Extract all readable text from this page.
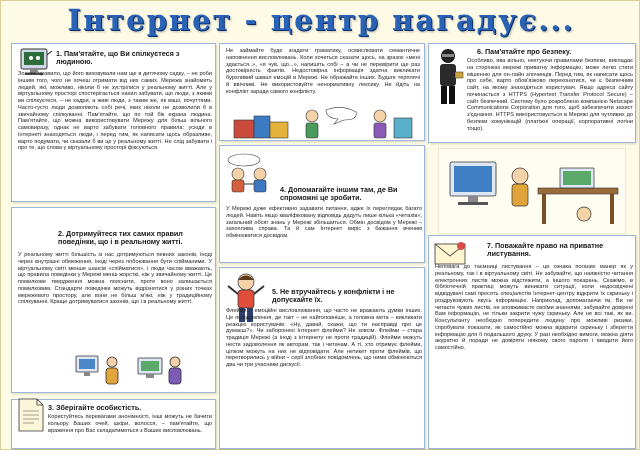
Інтернет - центр нагадує...
1. Пам'ятайте, що Ви спілкуєтеся з людиною.
Золоте правило, що його виховували нам ще в дитячому садку, – не роби іншим того, чого не хочеш отримати від них самих. Мережа знайомить людей, які, можливо, ніколи б не зустрілися у реальному житті. Але у віртуальному просторі спостерігається нахил забувати, що люди, з якими ви спілкуєтеся, – не кадри, а живі люди, з таким же, як ваші, почуттями. Часто-густо люди дозволяють собі речі, яких ніколи не дозволили б в звичайному спілкуванні. Пам'ятайте, що по той бік екрана людина. Пам'ятайте, що можна використовувати Мережу для більш вільного самовиразу, однак не варто забувати головного правила: усюди в Інтернеті знаходяться люди, і перед тим, як написати щось образливе, варто подумати, чи сказали б ви це у реальному житті. Не слід забувати і про те, що слова у віртуальному просторі фіксуються.
2. Дотримуйтеся тих самих правил поведінки, що і в реальному житті.
У реальному житті більшість із нас дотримуються певних законів, іноді через внутрішні обмеження, іноді через побоювання бути спійманими. У віртуальному світі менше шансів «спійматися», і люди часом вважають, що правила поведінки у Мережі менш жорсткі, ніж у звичайному житті. Це помилкове твердження можна пояснити, проте воно залишається помилковим. Стандарти поведінки можуть відрізнятися у різних точках мережевого простору, але вони не більш м'які, ніж у традиційному спілкуванні. Кращe дотримуватися законів, що і в реальному житті.
3. Зберігайте особистість.
Користуйтесь перевагами анонімності, інші можуть не бачити кольору Ваших очей, шкіри, волосся, – пам'ятайте, що враження про Вас складатиметься з Ваших висловлювань.
Не займайте буде згадати граматику, осмислювати семантичне наповнення висловлювань. Коли хочеться сказати щось, на зразок «мені здається..», «я чув, що...», напишіть собі – а чи не перевірити ще раз достовірність фактів. Недостовірна інформація здатна викликати бурхливий шквал емоцій в Мережі. Не ображайте інших. Будьте терплячі й ввічливі. Не використовуйте ненормативну лексику. Не йдіть на конфлікт заради самого конфлікту.
4. Допомагайте іншим там, де Ви спроможні це зробити.
У Мережі дуже ефективно задавати питання, адже їх переглядає багато людей. Навіть якщо кваліфіковану відповідь дадуть лише кілька «четахів», загальний обсяг знань у Мережі збільшиться. Обмін досвідом у Мережі – захоплива справа. Та й сам Інтернет виріс з бажання вченим обмінюватися досвідом.
5. Не втручайтесь у конфлікти і не допускайте їх.
Флейми – емоційні висловлювання, що часто не вражають думки інших. Це повідомлення, де такт – не найголовніше, а головна мета – викликати реакцію користувачів: «Ну, давай, скажи, що ти насправді про це думаєш?». Чи заборонені Інтернет флейми? Не зовсім. Флейми – стара традиція Мережі (а іноді з інтернету не проти традицій). Флейми можуть нести задоволення як авторам, так і читачам. А ті, хто отримує флейми, цілком можуть на них не відповідати. Але нетикет проти флеймів, що перетворились у війни – серії злобних повідомлень, що ними обмінюються два чи три учасники дискусії.
6. Пам'ятайте про безпеку.
Особливо, ява вільно, нехтуючи правилами безпеки, викладає на сторінках мережі приватну інформацію, може легко стати мішенню для он-лайн злочинців. Перед тим, як написати щось про себе, варто обов'язково переконатися, чи є безпечним сайт, на якому знаходяться користувач. Якщо адреса сайту починається з HTTPS (Hypertext Transfer Protocol Secure) – сайт безпечний. Систему було розроблено компанією Netscape Communications Corporation для того, щоб забезпечити захист з'єднання. HTTPS використовується в Мережі для чутливих до безпеки комунікацій (платіжні операції, корпоративні логіни тощо).
7. Поважайте право на приватне листування.
Неповага до таємниці листування – це ознака поганих манер як у реальному, так і в віртуальному світі. Не забувайте, що наявністю читання електронних листів можна відстежити, а іншого покарань. Скажімо, в бібліотечній практиці можуть виникати ситуації, коли недосвідчені відвідувачі самі просять спеціалістів Інтернет-центру відкрити їх скриньку і роздруковують якусь інформацію. Наприклад, допомагаючи їм, Ви не читаєте чужих листів, не зловживаєте своїми знаннями, забувайте довірені Вам інформацію, не тільки закрити чужу скриньку. Але не всі такі, як ви. Консультанту необхідно попередити людину про можливі ризики, спробувати показати, як самостійно можна відкрити скриньку і зберегти інформацію для її подальшого друку. У разі необхідно вимоги, можна діяти акуратно й поради не довіряти ніякому свого пароля і вводити його самостійно.
